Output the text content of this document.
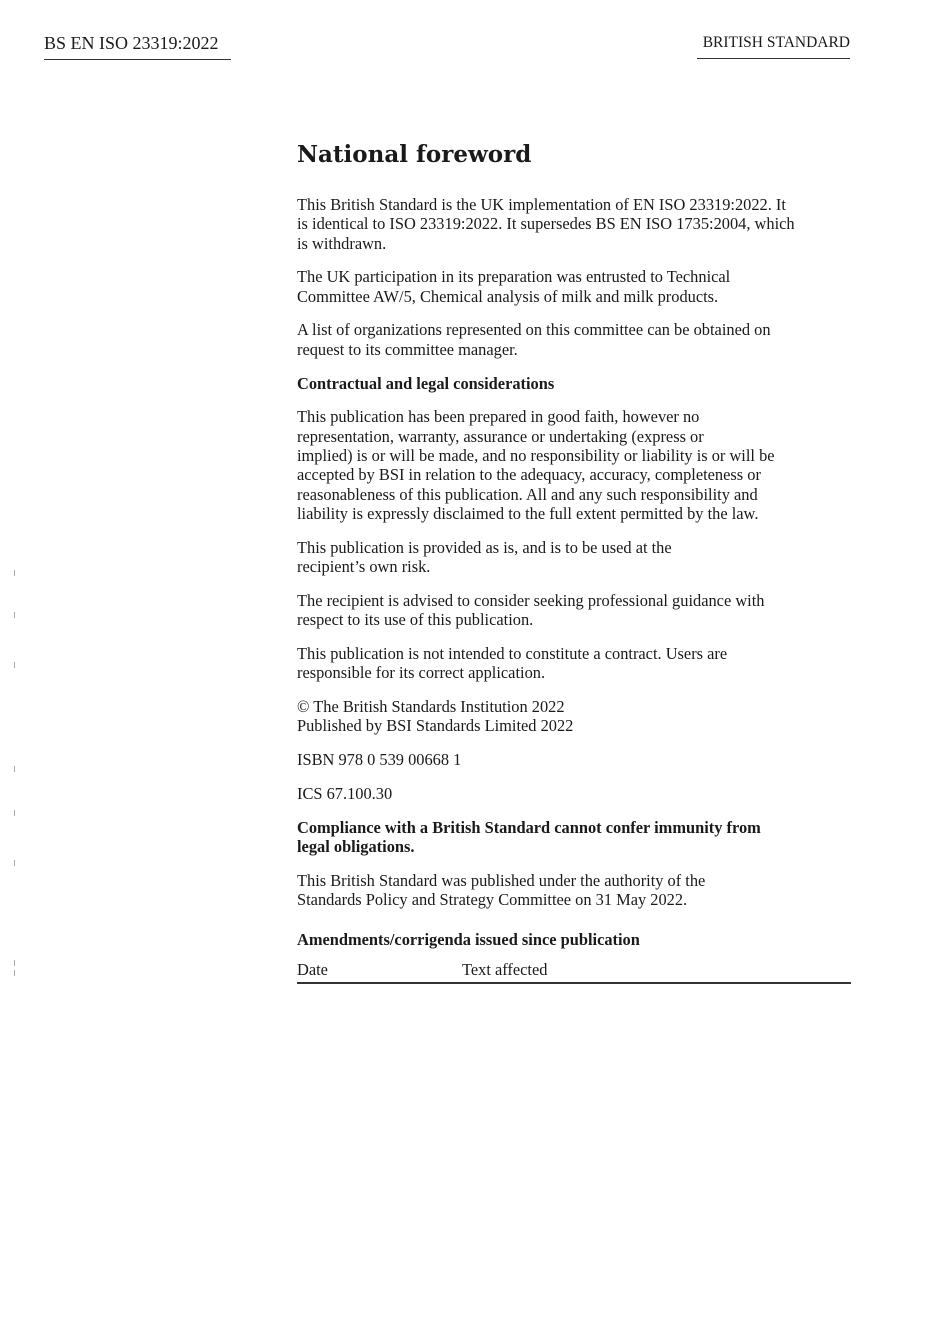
BS EN ISO 23319:2022	BRITISH STANDARD
National foreword
This British Standard is the UK implementation of EN ISO 23319:2022. It
is identical to ISO 23319:2022. It supersedes BS EN ISO 1735:2004, which
is withdrawn.
The UK participation in its preparation was entrusted to Technical
Committee AW/5, Chemical analysis of milk and milk products.
A list of organizations represented on this committee can be obtained on
request to its committee manager.
Contractual and legal considerations
This publication has been prepared in good faith, however no
representation, warranty, assurance or undertaking (express or
implied) is or will be made, and no responsibility or liability is or will be
accepted by BSI in relation to the adequacy, accuracy, completeness or
reasonableness of this publication. All and any such responsibility and
liability is expressly disclaimed to the full extent permitted by the law.
This publication is provided as is, and is to be used at the
recipient’s own risk.
The recipient is advised to consider seeking professional guidance with
respect to its use of this publication.
This publication is not intended to constitute a contract. Users are
responsible for its correct application.
© The British Standards Institution 2022
Published by BSI Standards Limited 2022
ISBN 978 0 539 00668 1
ICS 67.100.30
Compliance with a British Standard cannot confer immunity from
legal obligations.
This British Standard was published under the authority of the
Standards Policy and Strategy Committee on 31 May 2022.
Amendments/corrigenda issued since publication
Date	Text affected
